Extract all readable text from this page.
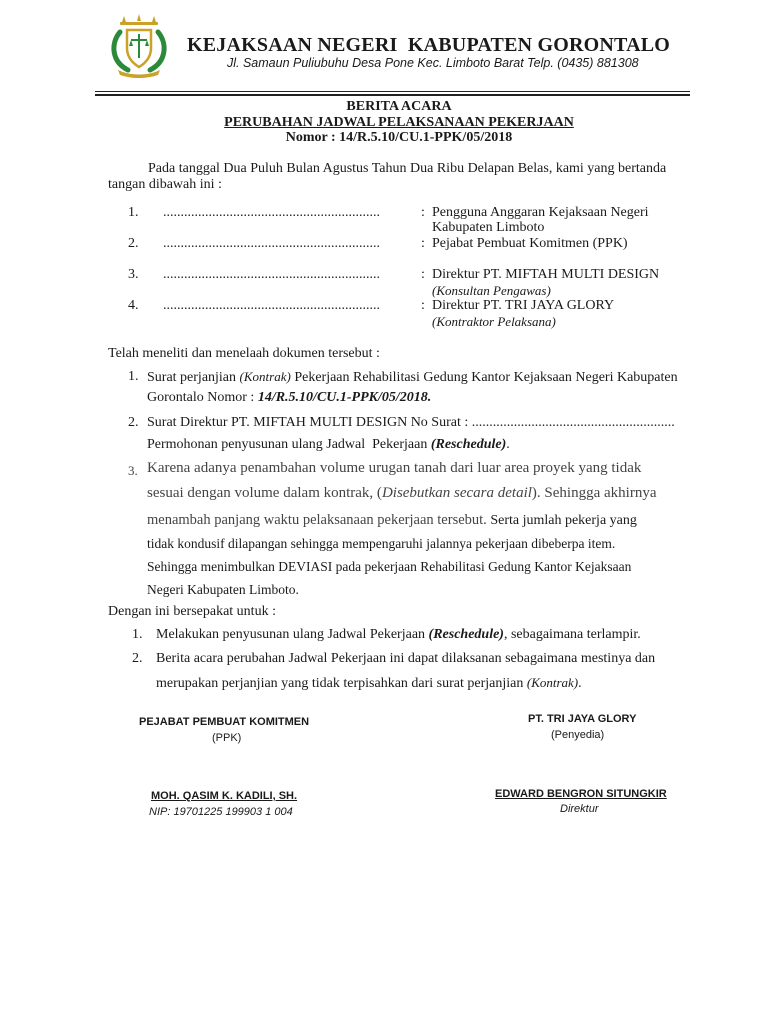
KEJAKSAAN NEGERI  KABUPATEN GORONTALO
Jl. Samaun Puliubuhu Desa Pone Kec. Limboto Barat Telp. (0435) 881308
BERITA ACARA
PERUBAHAN JADWAL PELAKSANAAN PEKERJAAN
Nomor : 14/R.5.10/CU.1-PPK/05/2018
Pada tanggal Dua Puluh Bulan Agustus Tahun Dua Ribu Delapan Belas, kami yang bertanda
tangan dibawah ini :
1. ..............................................................	: Pengguna Anggaran Kejaksaan Negeri
Kabupaten Limboto
2. ..............................................................	: Pejabat Pembuat Komitmen (PPK)
3. ..............................................................	: Direktur PT. MIFTAH MULTI DESIGN
(Konsultan Pengawas)
4. ..............................................................	: Direktur PT. TRI JAYA GLORY
(Kontraktor Pelaksana)
Telah meneliti dan menelaah dokumen tersebut :
1. Surat perjanjian (Kontrak) Pekerjaan Rehabilitasi Gedung Kantor Kejaksaan Negeri Kabupaten
Gorontalo Nomor : 14/R.5.10/CU.1-PPK/05/2018.
2. Surat Direktur PT. MIFTAH MULTI DESIGN No Surat : ..........................................................
Permohonan penyusunan ulang Jadwal  Pekerjaan (Reschedule).
3. Karena adanya penambahan volume urugan tanah dari luar area proyek yang tidak
sesuai dengan volume dalam kontrak, (Disebutkan secara detail). Sehingga akhirnya
menambah panjang waktu pelaksanaan pekerjaan tersebut. Serta jumlah pekerja yang
tidak kondusif dilapangan sehingga mempengaruhi jalannya pekerjaan dibeberpa item.
Sehingga menimbulkan DEVIASI pada pekerjaan Rehabilitasi Gedung Kantor Kejaksaan
Negeri Kabupaten Limboto.
Dengan ini bersepakat untuk :
1. Melakukan penyusunan ulang Jadwal Pekerjaan (Reschedule), sebagaimana terlampir.
2. Berita acara perubahan Jadwal Pekerjaan ini dapat dilaksanan sebagaimana mestinya dan
merupakan perjanjian yang tidak terpisahkan dari surat perjanjian (Kontrak).
PEJABAT PEMBUAT KOMITMEN
(PPK)
MOH. QASIM K. KADILI, SH.
NIP: 19701225 199903 1 004
PT. TRI JAYA GLORY
(Penyedia)
EDWARD BENGRON SITUNGKIR
Direktur
